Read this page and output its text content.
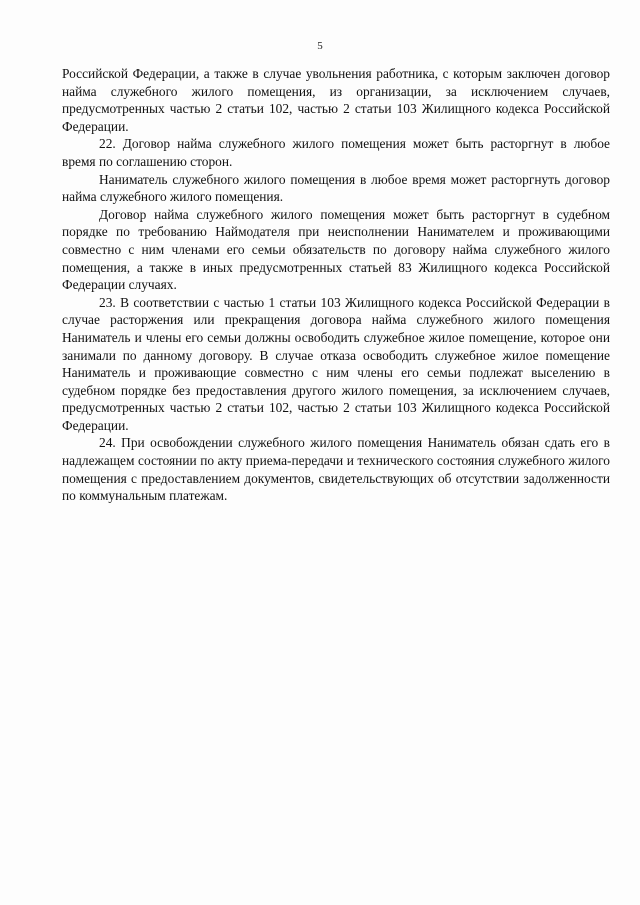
5

Российской Федерации, а также в случае увольнения работника, с которым заключен договор найма служебного жилого помещения, из организации, за исключением случаев, предусмотренных частью 2 статьи 102, частью 2 статьи 103 Жилищного кодекса Российской Федерации.

22. Договор найма служебного жилого помещения может быть расторгнут в любое время по соглашению сторон.

Наниматель служебного жилого помещения в любое время может расторгнуть договор найма служебного жилого помещения.

Договор найма служебного жилого помещения может быть расторгнут в судебном порядке по требованию Наймодателя при неисполнении Нанимателем и проживающими совместно с ним членами его семьи обязательств по договору найма служебного жилого помещения, а также в иных предусмотренных статьей 83 Жилищного кодекса Российской Федерации случаях.

23. В соответствии с частью 1 статьи 103 Жилищного кодекса Российской Федерации в случае расторжения или прекращения договора найма служебного жилого помещения Наниматель и члены его семьи должны освободить служебное жилое помещение, которое они занимали по данному договору. В случае отказа освободить служебное жилое помещение Наниматель и проживающие совместно с ним члены его семьи подлежат выселению в судебном порядке без предоставления другого жилого помещения, за исключением случаев, предусмотренных частью 2 статьи 102, частью 2 статьи 103 Жилищного кодекса Российской Федерации.

24. При освобождении служебного жилого помещения Наниматель обязан сдать его в надлежащем состоянии по акту приема-передачи и технического состояния служебного жилого помещения с предоставлением документов, свидетельствующих об отсутствии задолженности по коммунальным платежам.
